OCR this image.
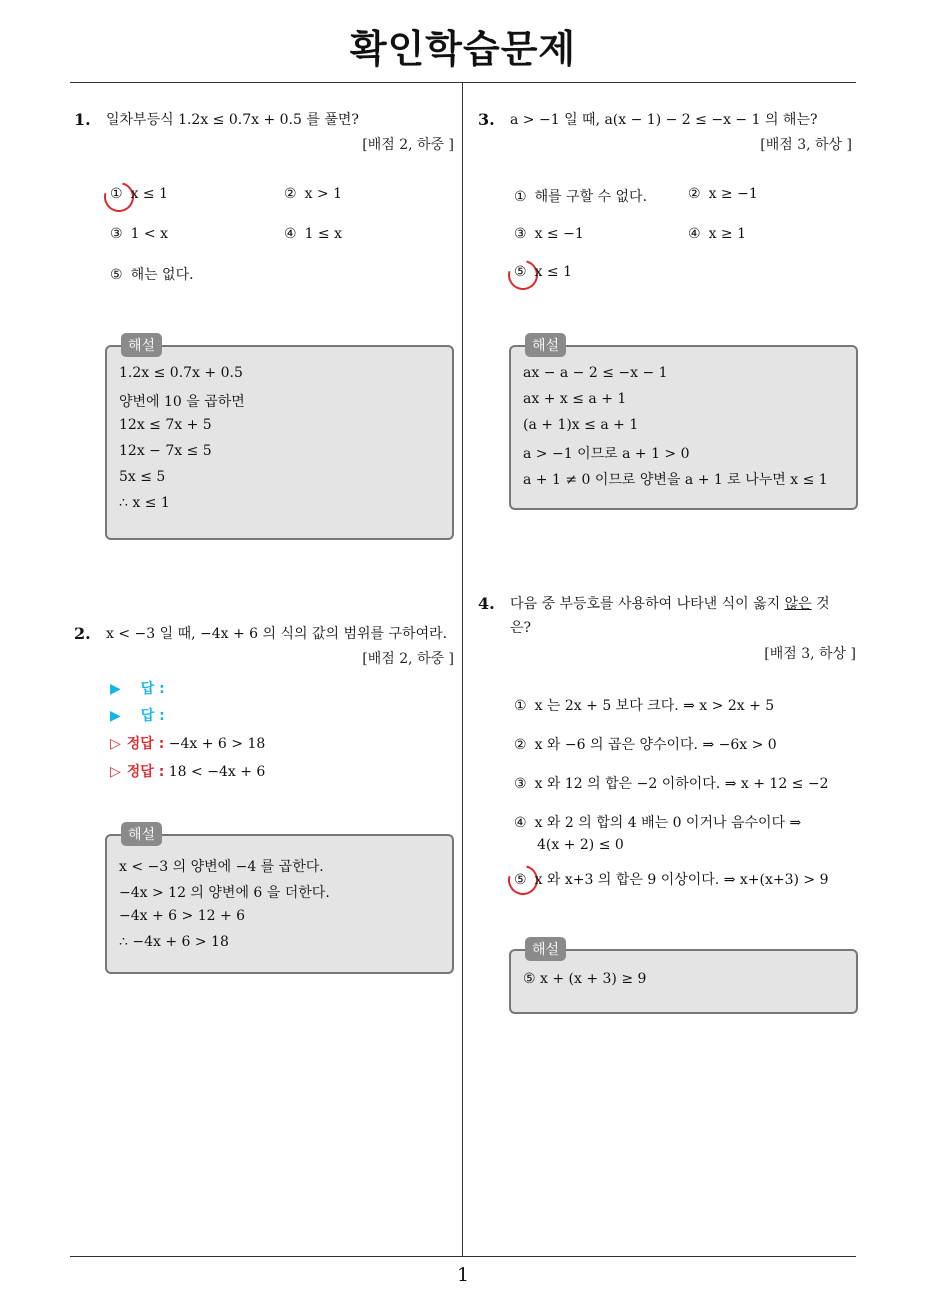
확인학습문제
1
1. 일차부등식 1.2x ≤ 0.7x + 0.5 를 풀면?
[배점 2, 하중 ]
① x ≤ 1	② x > 1
③ 1 < x	④ 1 ≤ x
⑤ 해는 없다.
해설
1.2x ≤ 0.7x + 0.5
양변에 10 을 곱하면
12x ≤ 7x + 5
12x − 7x ≤ 5
5x ≤ 5
∴ x ≤ 1
2. x < −3 일 때, −4x + 6 의 식의 값의 범위를 구하여라.
[배점 2, 하중 ]
▶ 답 :
▶ 답 :
▷ 정답 : −4x + 6 > 18
▷ 정답 : 18 < −4x + 6
해설
x < −3 의 양변에 −4 를 곱한다.
−4x > 12 의 양변에 6 을 더한다.
−4x + 6 > 12 + 6
∴ −4x + 6 > 18
3. a > −1 일 때, a(x − 1) − 2 ≤ −x − 1 의 해는?
[배점 3, 하상 ]
① 해를 구할 수 없다.	② x ≥ −1
③ x ≤ −1	④ x ≥ 1
⑤ x ≤ 1
해설
ax − a − 2 ≤ −x − 1
ax + x ≤ a + 1
(a + 1)x ≤ a + 1
a > −1 이므로 a + 1 > 0
a + 1 ≠ 0 이므로 양변을 a + 1 로 나누면 x ≤ 1
4. 다음 중 부등호를 사용하여 나타낸 식이 옳지 않은 것
은?
[배점 3, 하상 ]
① x 는 2x + 5 보다 크다. ⇒ x > 2x + 5
② x 와 −6 의 곱은 양수이다. ⇒ −6x > 0
③ x 와 12 의 합은 −2 이하이다. ⇒ x + 12 ≤ −2
④ x 와 2 의 합의 4 배는 0 이거나 음수이다 ⇒
4(x + 2) ≤ 0
⑤ x 와 x+3 의 합은 9 이상이다. ⇒ x+(x+3) > 9
해설
⑤ x + (x + 3) ≥ 9
